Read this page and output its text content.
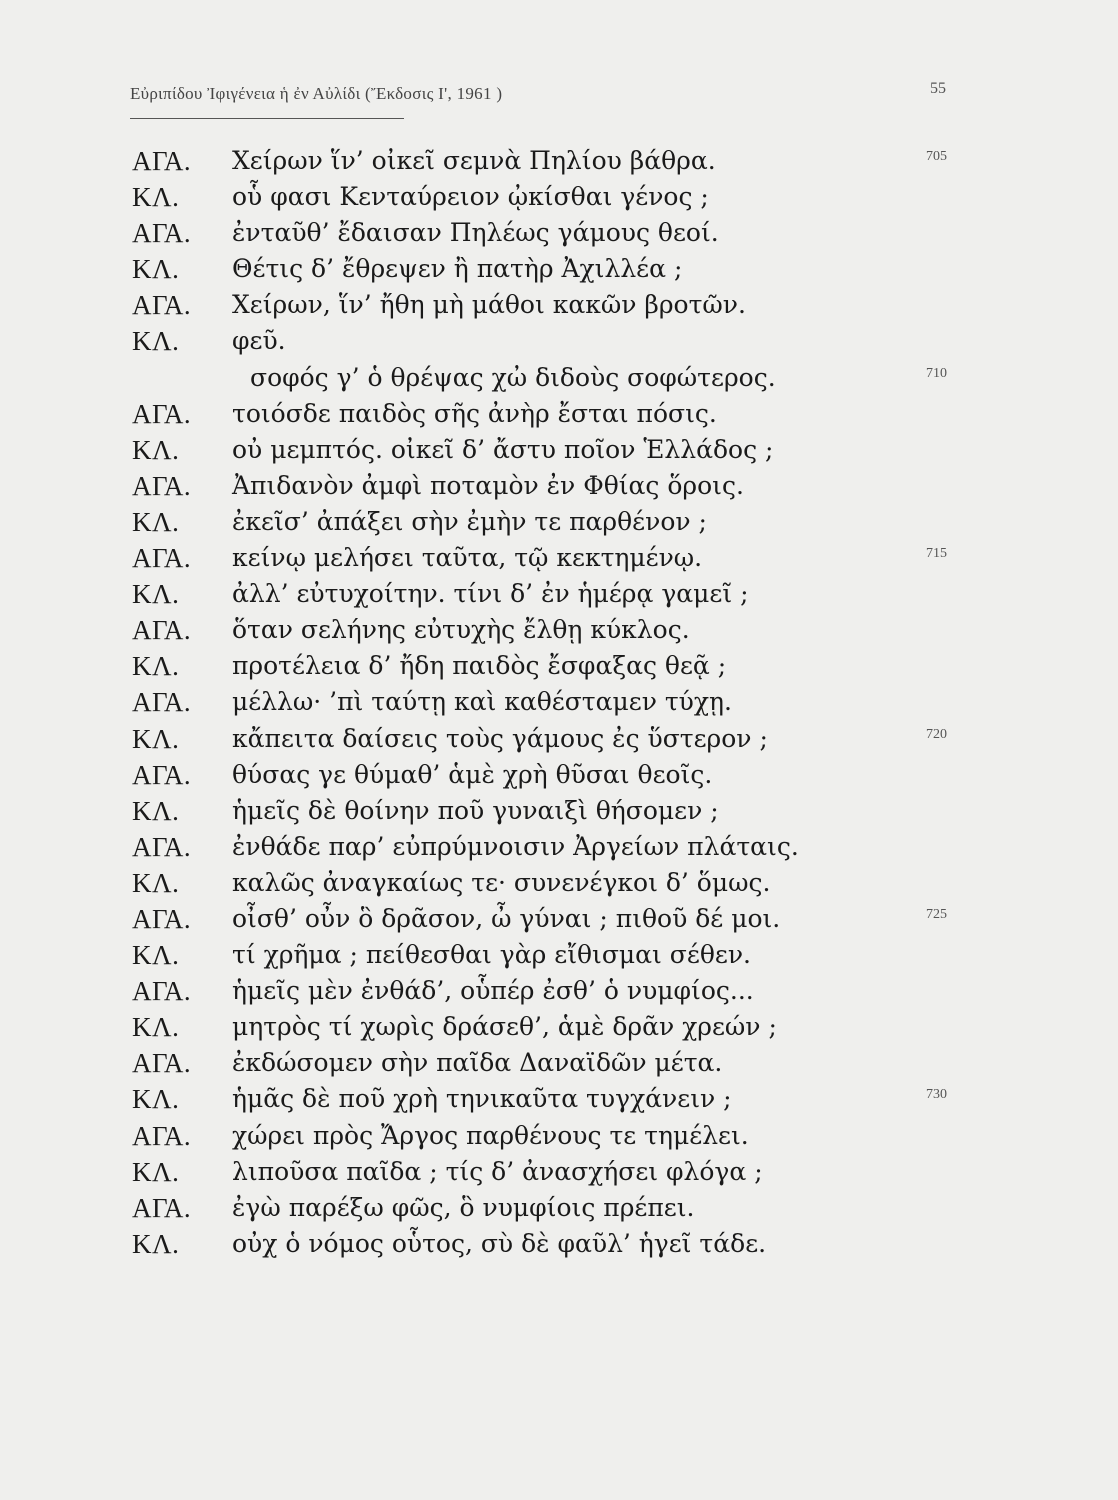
Εὐριπίδου Ἰφιγένεια ἡ ἐν Αὐλίδι (Ἔκδοσις Ι', 1961 )	55
ΑΓΑ. Χείρων ἵν’ οἰκεῖ σεμνὰ Πηλίου βάθρα.	705
ΚΛ. οὗ φασι Κενταύρειον ᾠκίσθαι γένος ;
ΑΓΑ. ἐνταῦθ’ ἔδαισαν Πηλέως γάμους θεοί.
ΚΛ. Θέτις δ’ ἔθρεψεν ἢ πατὴρ Ἀχιλλέα ;
ΑΓΑ. Χείρων, ἵν’ ἤθη μὴ μάθοι κακῶν βροτῶν.
ΚΛ. φεῦ.
σοφός γ’ ὁ θρέψας χὠ διδοὺς σοφώτερος.	710
ΑΓΑ. τοιόσδε παιδὸς σῆς ἀνὴρ ἔσται πόσις.
ΚΛ. οὐ μεμπτός. οἰκεῖ δ’ ἄστυ ποῖον Ἑλλάδος ;
ΑΓΑ. Ἀπιδανὸν ἀμφὶ ποταμὸν ἐν Φθίας ὅροις.
ΚΛ. ἐκεῖσ’ ἀπάξει σὴν ἐμὴν τε παρθένον ;
ΑΓΑ. κείνῳ μελήσει ταῦτα, τῷ κεκτημένῳ.	715
ΚΛ. ἀλλ’ εὐτυχοίτην. τίνι δ’ ἐν ἡμέρᾳ γαμεῖ ;
ΑΓΑ. ὅταν σελήνης εὐτυχὴς ἔλθῃ κύκλος.
ΚΛ. προτέλεια δ’ ἤδη παιδὸς ἔσφαξας θεᾷ ;
ΑΓΑ. μέλλω· ’πὶ ταύτῃ καὶ καθέσταμεν τύχῃ.
ΚΛ. κἄπειτα δαίσεις τοὺς γάμους ἐς ὕστερον ;	720
ΑΓΑ. θύσας γε θύμαθ’ ἁμὲ χρὴ θῦσαι θεοῖς.
ΚΛ. ἡμεῖς δὲ θοίνην ποῦ γυναιξὶ θήσομεν ;
ΑΓΑ. ἐνθάδε παρ’ εὐπρύμνοισιν Ἀργείων πλάταις.
ΚΛ. καλῶς ἀναγκαίως τε· συνενέγκοι δ’ ὅμως.
ΑΓΑ. οἶσθ’ οὖν ὃ δρᾶσον, ὦ γύναι ; πιθοῦ δέ μοι.	725
ΚΛ. τί χρῆμα ; πείθεσθαι γὰρ εἴθισμαι σέθεν.
ΑΓΑ. ἡμεῖς μὲν ἐνθάδ’, οὗπέρ ἐσθ’ ὁ νυμφίος...
ΚΛ. μητρὸς τί χωρὶς δράσεθ’, ἁμὲ δρᾶν χρεών ;
ΑΓΑ. ἐκδώσομεν σὴν παῖδα Δαναϊδῶν μέτα.
ΚΛ. ἡμᾶς δὲ ποῦ χρὴ τηνικαῦτα τυγχάνειν ;	730
ΑΓΑ. χώρει πρὸς Ἄργος παρθένους τε τημέλει.
ΚΛ. λιποῦσα παῖδα ; τίς δ’ ἀνασχήσει φλόγα ;
ΑΓΑ. ἐγὼ παρέξω φῶς, ὃ νυμφίοις πρέπει.
ΚΛ. οὐχ ὁ νόμος οὗτος, σὺ δὲ φαῦλ’ ἡγεῖ τάδε.
